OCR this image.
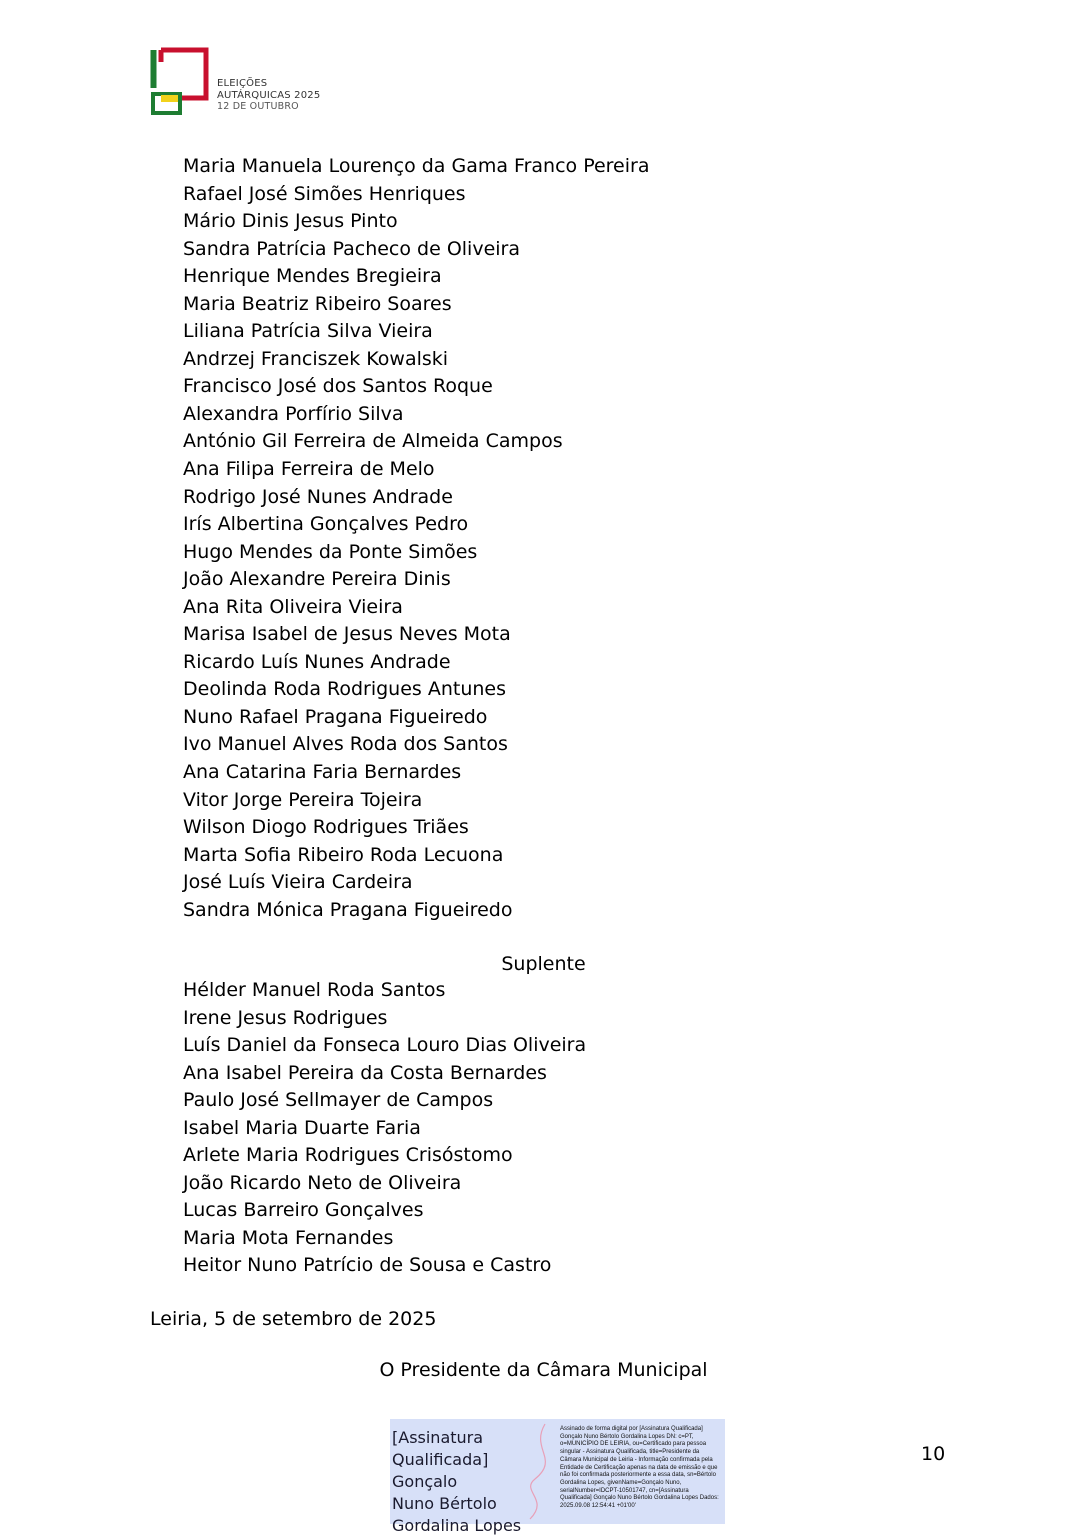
ELEIÇÕES
AUTÁRQUICAS 2025
12 DE OUTUBRO
Maria Manuela Lourenço da Gama Franco Pereira
Rafael José Simões Henriques
Mário Dinis Jesus Pinto
Sandra Patrícia Pacheco de Oliveira
Henrique Mendes Bregieira
Maria Beatriz Ribeiro Soares
Liliana Patrícia Silva Vieira
Andrzej Franciszek Kowalski
Francisco José dos Santos Roque
Alexandra Porfírio Silva
António Gil Ferreira de Almeida Campos
Ana Filipa Ferreira de Melo
Rodrigo José Nunes Andrade
Irís Albertina Gonçalves Pedro
Hugo Mendes da Ponte Simões
João Alexandre Pereira Dinis
Ana Rita Oliveira Vieira
Marisa Isabel de Jesus Neves Mota
Ricardo Luís Nunes Andrade
Deolinda Roda Rodrigues Antunes
Nuno Rafael Pragana Figueiredo
Ivo Manuel Alves Roda dos Santos
Ana Catarina Faria Bernardes
Vitor Jorge Pereira Tojeira
Wilson Diogo Rodrigues Triães
Marta Sofia Ribeiro Roda Lecuona
José Luís Vieira Cardeira
Sandra Mónica Pragana Figueiredo
Suplente
Hélder Manuel Roda Santos
Irene Jesus Rodrigues
Luís Daniel da Fonseca Louro Dias Oliveira
Ana Isabel Pereira da Costa Bernardes
Paulo José Sellmayer de Campos
Isabel Maria Duarte Faria
Arlete Maria Rodrigues Crisóstomo
João Ricardo Neto de Oliveira
Lucas Barreiro Gonçalves
Maria Mota Fernandes
Heitor Nuno Patrício de Sousa e Castro
Leiria, 5 de setembro de 2025
O Presidente da Câmara Municipal
[Assinatura
Qualificada] Gonçalo
Nuno Bértolo
Gordalina Lopes
Assinado de forma digital por [Assinatura Qualificada] Gonçalo Nuno Bértolo Gordalina Lopes DN: c=PT, o=MUNICÍPIO DE LEIRIA, ou=Certificado para pessoa singular - Assinatura Qualificada, title=Presidente da Câmara Municipal de Leiria - Informação confirmada pela Entidade de Certificação apenas na data de emissão e que não foi confirmada posteriormente a essa data, sn=Bértolo Gordalina Lopes, givenName=Gonçalo Nuno, serialNumber=IDCPT-10501747, cn=[Assinatura Qualificada] Gonçalo Nuno Bértolo Gordalina Lopes Dados: 2025.09.08 12:54:41 +01'00'
10
